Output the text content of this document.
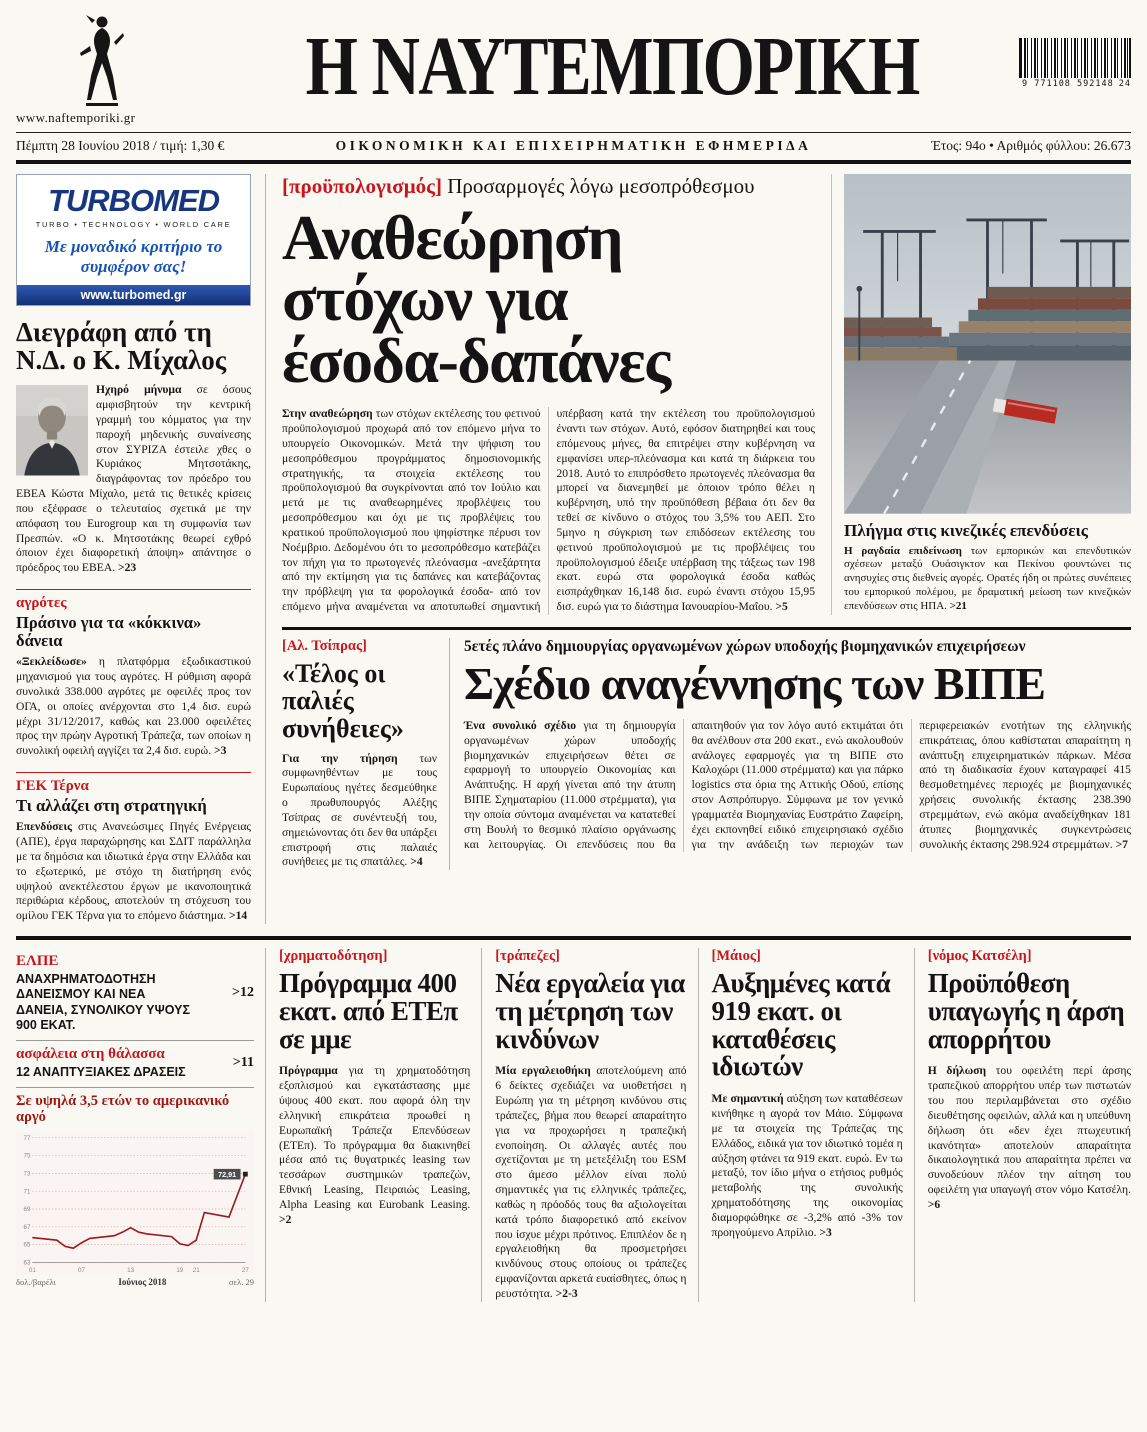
www.naftemporiki.gr
Η ΝΑΥΤΕΜΠΟΡΙΚΗ	9 771108 592148 24
Πέμπτη 28 Ιουνίου 2018 / τιμή: 1,30 €	ΟΙΚΟΝΟΜΙΚΗ ΚΑΙ ΕΠΙΧΕΙΡΗΜΑΤΙΚΗ ΕΦΗΜΕΡΙΔΑ	Έτος: 94ο • Αριθμός φύλλου: 26.673
TURBOMED
TURBO • TECHNOLOGY • WORLD CARE
Με μοναδικό κριτήριο το συμφέρον σας!
www.turbomed.gr
Διεγράφη από τη Ν.Δ. ο Κ. Μίχαλος
Ηχηρό μήνυμα σε όσους αμφισβητούν την κεντρική γραμμή του κόμματος για την παροχή μηδενικής συναίνεσης στον ΣΥΡΙΖΑ έστειλε χθες ο Κυριάκος Μητσοτάκης, διαγράφοντας τον πρόεδρο του ΕΒΕΑ Κώστα Μίχαλο, μετά τις θετικές κρίσεις που εξέφρασε ο τελευταίος σχετικά με την απόφαση του Eurogroup και τη συμφωνία των Πρεσπών. «Ο κ. Μητσοτάκης θεωρεί εχθρό όποιον έχει διαφορετική άποψη» απάντησε ο πρόεδρος του ΕΒΕΑ. >23
αγρότες
Πράσινο για τα «κόκκινα» δάνεια
«Ξεκλείδωσε» η πλατφόρμα εξωδικαστικού μηχανισμού για τους αγρότες. Η ρύθμιση αφορά συνολικά 338.000 αγρότες με οφειλές προς τον ΟΓΑ, οι οποίες ανέρχονται στο 1,4 δισ. ευρώ μέχρι 31/12/2017, καθώς και 23.000 οφειλέτες προς την πρώην Αγροτική Τράπεζα, των οποίων η συνολική οφειλή αγγίζει τα 2,4 δισ. ευρώ. >3
ΓΕΚ Τέρνα
Τι αλλάζει στη στρατηγική
Επενδύσεις στις Ανανεώσιμες Πηγές Ενέργειας (ΑΠΕ), έργα παραχώρησης και ΣΔΙΤ παράλληλα με τα δημόσια και ιδιωτικά έργα στην Ελλάδα και το εξωτερικό, με στόχο τη διατήρηση ενός υψηλού ανεκτέλεστου έργων με ικανοποιητικά περιθώρια κέρδους, αποτελούν τη στόχευση του ομίλου ΓΕΚ Τέρνα για το επόμενο διάστημα. >14
[προϋπολογισμός] Προσαρμογές λόγω μεσοπρόθεσμου
Αναθεώρηση στόχων για έσοδα-δαπάνες
Στην αναθεώρηση των στόχων εκτέλεσης του φετινού προϋπολογισμού προχωρά από τον επόμενο μήνα το υπουργείο Οικονομικών. Μετά την ψήφιση του μεσοπρόθεσμου προγράμματος δημοσιονομικής στρατηγικής, τα στοιχεία εκτέλεσης του προϋπολογισμού θα συγκρίνονται από τον Ιούλιο και μετά με τις αναθεωρημένες προβλέψεις του μεσοπρόθεσμου και όχι με τις προβλέψεις του κρατικού προϋπολογισμού που ψηφίστηκε πέρυσι τον Νοέμβριο. Δεδομένου ότι το μεσοπρόθεσμο κατεβάζει τον πήχη για το πρωτογενές πλεόνασμα -ανεξάρτητα από την εκτίμηση για τις δαπάνες και κατεβάζοντας την πρόβλεψη για τα φορολογικά έσοδα- από τον επόμενο μήνα αναμένεται να αποτυπωθεί σημαντική υπέρβαση κατά την εκτέλεση του προϋπολογισμού έναντι των στόχων. Αυτό, εφόσον διατηρηθεί και τους επόμενους μήνες, θα επιτρέψει στην κυβέρνηση να εμφανίσει υπερ-πλεόνασμα και κατά τη διάρκεια του 2018. Αυτό το επιπρόσθετο πρωτογενές πλεόνασμα θα μπορεί να διανεμηθεί με όποιον τρόπο θέλει η κυβέρνηση, υπό την προϋπόθεση βέβαια ότι δεν θα τεθεί σε κίνδυνο ο στόχος του 3,5% του ΑΕΠ. Στο 5μηνο η σύγκριση των επιδόσεων εκτέλεσης του φετινού προϋπολογισμού με τις προβλέψεις του προϋπολογισμού έδειξε υπέρβαση της τάξεως των 198 εκατ. ευρώ στα φορολογικά έσοδα καθώς εισπράχθηκαν 16,148 δισ. ευρώ έναντι στόχου 15,95 δισ. ευρώ για το διάστημα Ιανουαρίου-Μαΐου. >5
Πλήγμα στις κινεζικές επενδύσεις
Η ραγδαία επιδείνωση των εμπορικών και επενδυτικών σχέσεων μεταξύ Ουάσιγκτον και Πεκίνου φουντώνει τις ανησυχίες στις διεθνείς αγορές. Ορατές ήδη οι πρώτες συνέπειες του εμπορικού πολέμου, με δραματική μείωση των κινεζικών επενδύσεων στις ΗΠΑ. >21
[Αλ. Τσίπρας]
«Τέλος οι παλιές συνήθειες»
Για την τήρηση των συμφωνηθέντων με τους Ευρωπαίους ηγέτες δεσμεύθηκε ο πρωθυπουργός Αλέξης Τσίπρας σε συνέντευξή του, σημειώνοντας ότι δεν θα υπάρξει επιστροφή στις παλαιές συνήθειες με τις σπατάλες. >4
5ετές πλάνο δημιουργίας οργανωμένων χώρων υποδοχής βιομηχανικών επιχειρήσεων
Σχέδιο αναγέννησης των ΒΙΠΕ
Ένα συνολικό σχέδιο για τη δημιουργία οργανωμένων χώρων υποδοχής βιομηχανικών επιχειρήσεων θέτει σε εφαρμογή το υπουργείο Οικονομίας και Ανάπτυξης. Η αρχή γίνεται από την άτυπη ΒΙΠΕ Σχηματαρίου (11.000 στρέμματα), για την οποία σύντομα αναμένεται να κατατεθεί στη Βουλή το θεσμικό πλαίσιο οργάνωσης και λειτουργίας. Οι επενδύσεις που θα απαιτηθούν για τον λόγο αυτό εκτιμάται ότι θα ανέλθουν στα 200 εκατ., ενώ ακολουθούν ανάλογες εφαρμογές για τη ΒΙΠΕ στο Καλοχώρι (11.000 στρέμματα) και για πάρκο logistics στα όρια της Αττικής Οδού, επίσης στον Ασπρόπυργο. Σύμφωνα με τον γενικό γραμματέα Βιομηχανίας Ευστράτιο Ζαφείρη, έχει εκπονηθεί ειδικό επιχειρησιακό σχέδιο για την ανάδειξη των περιοχών των περιφερειακών ενοτήτων της ελληνικής επικράτειας, όπου καθίσταται απαραίτητη η ανάπτυξη επιχειρηματικών πάρκων. Μέσα από τη διαδικασία έχουν καταγραφεί 415 θεσμοθετημένες περιοχές με βιομηχανικές χρήσεις συνολικής έκτασης 238.390 στρεμμάτων, ενώ ακόμα αναδείχθηκαν 181 άτυπες βιομηχανικές συγκεντρώσεις συνολικής έκτασης 298.924 στρεμμάτων. >7
ΕΛΠΕ
ΑΝΑΧΡΗΜΑΤΟΔΟΤΗΣΗ ΔΑΝΕΙΣΜΟΥ ΚΑΙ ΝΕΑ ΔΑΝΕΙΑ, ΣΥΝΟΛΙΚΟΥ ΥΨΟΥΣ 900 ΕΚΑΤ.
>12
ασφάλεια στη θάλασσα
12 ΑΝΑΠΤΥΞΙΑΚΕΣ ΔΡΑΣΕΙΣ
>11
Σε υψηλά 3,5 ετών το αμερικανικό αργό
63
65
67
69
71
73
75
77
01	07	13	19 21	27
72,91
δολ./βαρέλι	Ιούνιος 2018	σελ. 29
[χρηματοδότηση]
Πρόγραμμα 400 εκατ. από ΕΤΕπ σε μμε
Πρόγραμμα για τη χρηματοδότηση εξοπλισμού και εγκατάστασης μμε ύψους 400 εκατ. που αφορά όλη την ελληνική επικράτεια προωθεί η Ευρωπαϊκή Τράπεζα Επενδύσεων (ΕΤΕπ). Το πρόγραμμα θα διακινηθεί μέσα από τις θυγατρικές leasing των τεσσάρων συστημικών τραπεζών, Εθνική Leasing, Πειραιώς Leasing, Alpha Leasing και Eurobank Leasing. >2
[τράπεζες]
Νέα εργαλεία για τη μέτρηση των κινδύνων
Μία εργαλειοθήκη αποτελούμενη από 6 δείκτες σχεδιάζει να υιοθετήσει η Ευρώπη για τη μέτρηση κινδύνου στις τράπεζες, βήμα που θεωρεί απαραίτητο για να προχωρήσει η τραπεζική ενοποίηση. Οι αλλαγές αυτές που σχετίζονται με τη μετεξέλιξη του ESM στο άμεσο μέλλον είναι πολύ σημαντικές για τις ελληνικές τράπεζες, καθώς η πρόοδός τους θα αξιολογείται κατά τρόπο διαφορετικό από εκείνον που ίσχυε μέχρι πρότινος. Επιπλέον δε η εργαλειοθήκη θα προσμετρήσει κινδύνους στους οποίους οι τράπεζες εμφανίζονται αρκετά ευαίσθητες, όπως η ρευστότητα. >2-3
[Μάιος]
Αυξημένες κατά 919 εκατ. οι καταθέσεις ιδιωτών
Με σημαντική αύξηση των καταθέσεων κινήθηκε η αγορά τον Μάιο. Σύμφωνα με τα στοιχεία της Τράπεζας της Ελλάδος, ειδικά για τον ιδιωτικό τομέα η αύξηση φτάνει τα 919 εκατ. ευρώ. Εν τω μεταξύ, τον ίδιο μήνα ο ετήσιος ρυθμός μεταβολής της συνολικής χρηματοδότησης της οικονομίας διαμορφώθηκε σε -3,2% από -3% τον προηγούμενο Απρίλιο. >3
[νόμος Κατσέλη]
Προϋπόθεση υπαγωγής η άρση απορρήτου
Η δήλωση του οφειλέτη περί άρσης τραπεζικού απορρήτου υπέρ των πιστωτών του που περιλαμβάνεται στο σχέδιο διευθέτησης οφειλών, αλλά και η υπεύθυνη δήλωση ότι «δεν έχει πτωχευτική ικανότητα» αποτελούν απαραίτητα δικαιολογητικά που απαραίτητα πρέπει να συνοδεύουν πλέον την αίτηση του οφειλέτη για υπαγωγή στον νόμο Κατσέλη. >6
